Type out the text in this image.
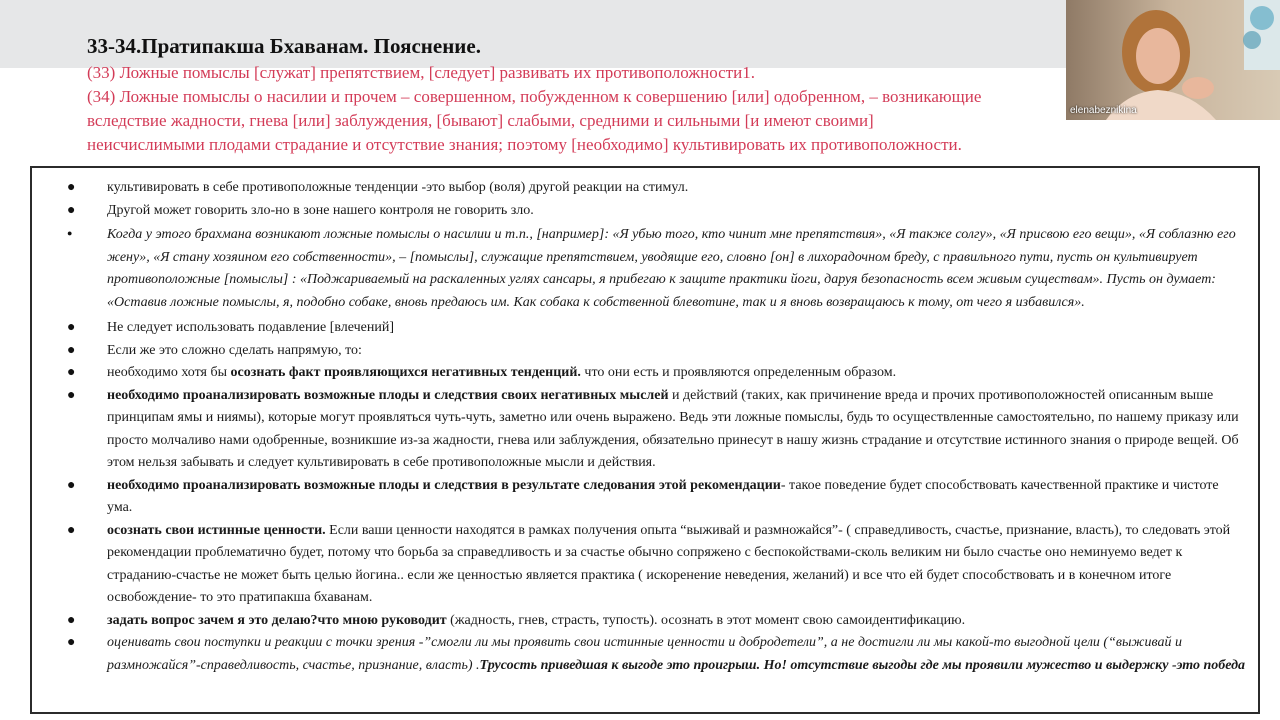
33-34.Пратипакша Бхаванам. Пояснение.

(33) Ложные помыслы [служат] препятствием, [следует] развивать их противоположности1.

(34) Ложные помыслы о насилии и прочем – совершенном, побужденном к совершению [или] одобренном, – возникающие

вследствие жадности, гнева [или] заблуждения, [бывают] слабыми, средними и сильными [и имеют своими]

неисчислимыми плодами страдание и отсутствие знания; поэтому [необходимо] культивировать их противоположности.

elenabeznikina
● культивировать в себе противоположные тенденции -это выбор (воля) другой реакции на стимул.
● Другой может говорить зло-но в зоне нашего контроля не говорить зло.
● Когда у этого брахмана возникают ложные помыслы о насилии и т.п., [например]: «Я убью того, кто чинит мне препятствия», «Я также солгу», «Я присвою его вещи», «Я соблазню его жену», «Я стану хозяином его собственности», – [помыслы], служащие препятствием, уводящие его, словно [он] в лихорадочном бреду, с правильного пути, пусть он культивирует противоположные [помыслы] : «Поджариваемый на раскаленных углях сансары, я прибегаю к защите практики йоги, даруя безопасность всем живым существам». Пусть он думает: «Оставив ложные помыслы, я, подобно собаке, вновь предаюсь им. Как собака к собственной блевотине, так и я вновь возвращаюсь к тому, от чего я избавился».
● Не следует использовать подавление [влечений]
● Если же это сложно сделать напрямую, то:
● необходимо хотя бы осознать факт проявляющихся негативных тенденций. что они есть и проявляются определенным образом.
● необходимо проанализировать возможные плоды и следствия своих негативных мыслей и действий (таких, как причинение вреда и прочих противоположностей описанным выше принципам ямы и ниямы), которые могут проявляться чуть-чуть, заметно или очень выражено. Ведь эти ложные помыслы, будь то осуществленные самостоятельно, по нашему приказу или просто молчаливо нами одобренные, возникшие из-за жадности, гнева или заблуждения, обязательно принесут в нашу жизнь страдание и отсутствие истинного знания о природе вещей. Об этом нельзя забывать и следует культивировать в себе противоположные мысли и действия.
● необходимо проанализировать возможные плоды и следствия в результате следования этой рекомендации- такое поведение будет способствовать качественной практике и чистоте ума.
● осознать свои истинные ценности. Если ваши ценности находятся в рамках получения опыта “выживай и размножайся”- ( справедливость, счастье, признание, власть), то следовать этой рекомендации проблематично будет, потому что борьба за справедливость и за счастье обычно сопряжено с беспокойствами-сколь великим ни было счастье оно неминуемо ведет к страданию-счастье не может быть целью йогина.. если же ценностью является практика ( искоренение неведения, желаний) и все что ей будет способствовать и в конечном итоге освобождение- то это пратипакша бхаванам.
● задать вопрос зачем я это делаю?что мною руководит (жадность, гнев, страсть, тупость). осознать в этот момент свою самоидентификацию.
● оценивать свои поступки и реакции с точки зрения -”смогли ли мы проявить свои истинные ценности и добродетели”, а не достигли ли мы какой-то выгодной цели (“выживай и размножайся”-справедливость, счастье, признание, власть) .Трусость приведшая к выгоде это проигрыш. Но! отсутствие выгоды где мы проявили мужество и выдержку -это победа
